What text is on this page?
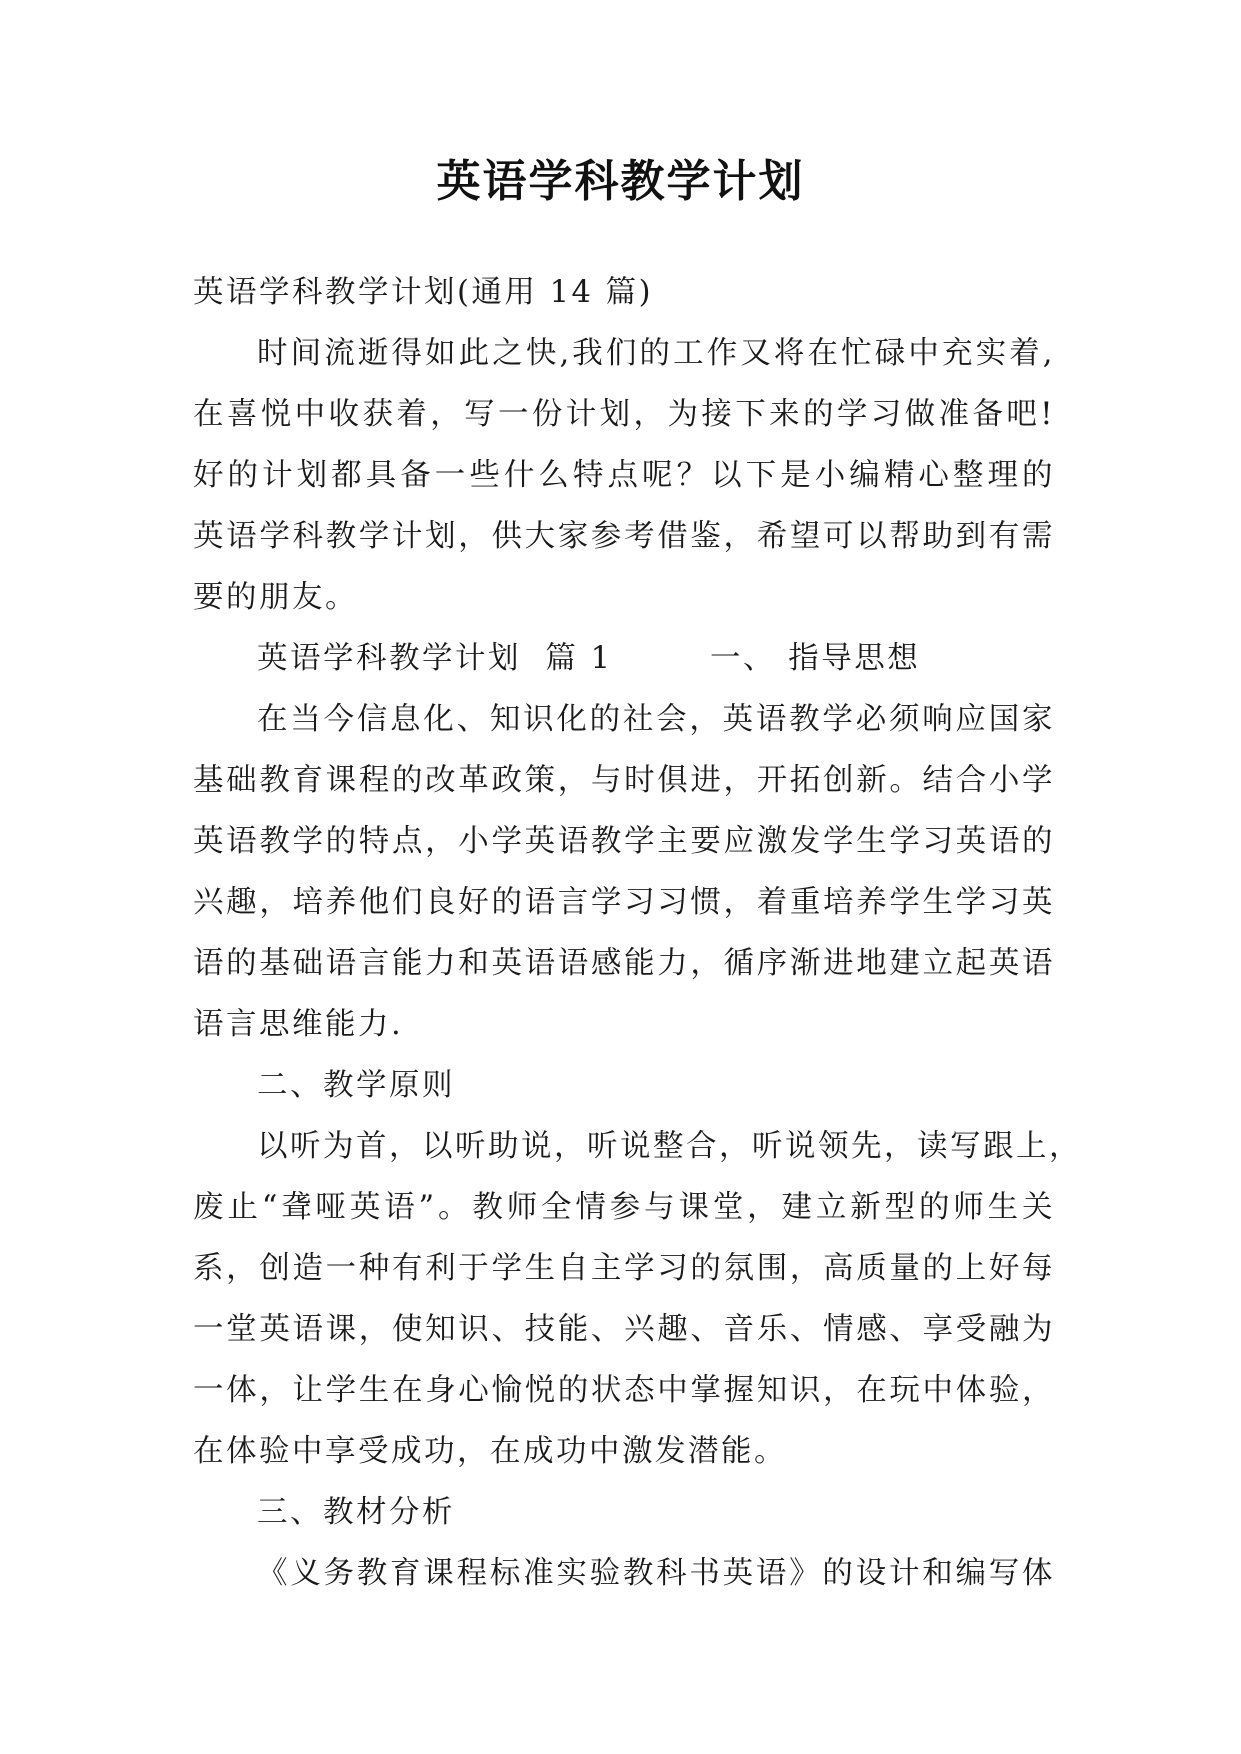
英语学科教学计划
英语学科教学计划(通用 14 篇)
时间流逝得如此之快,我们的工作又将在忙碌中充实着,
在喜悦中收获着，写一份计划，为接下来的学习做准备吧!
好的计划都具备一些什么特点呢？以下是小编精心整理的
英语学科教学计划，供大家参考借鉴，希望可以帮助到有需
要的朋友。
英语学科教学计划  篇 1        一、 指导思想
在当今信息化、知识化的社会，英语教学必须响应国家
基础教育课程的改革政策，与时俱进，开拓创新。结合小学
英语教学的特点，小学英语教学主要应激发学生学习英语的
兴趣，培养他们良好的语言学习习惯，着重培养学生学习英
语的基础语言能力和英语语感能力，循序渐进地建立起英语
语言思维能力.
二、教学原则
以听为首，以听助说，听说整合，听说领先，读写跟上，
废止“聋哑英语”。教师全情参与课堂，建立新型的师生关
系，创造一种有利于学生自主学习的氛围，高质量的上好每
一堂英语课，使知识、技能、兴趣、音乐、情感、享受融为
一体，让学生在身心愉悦的状态中掌握知识，在玩中体验，
在体验中享受成功，在成功中激发潜能。
三、教材分析
《义务教育课程标准实验教科书英语》的设计和编写体
